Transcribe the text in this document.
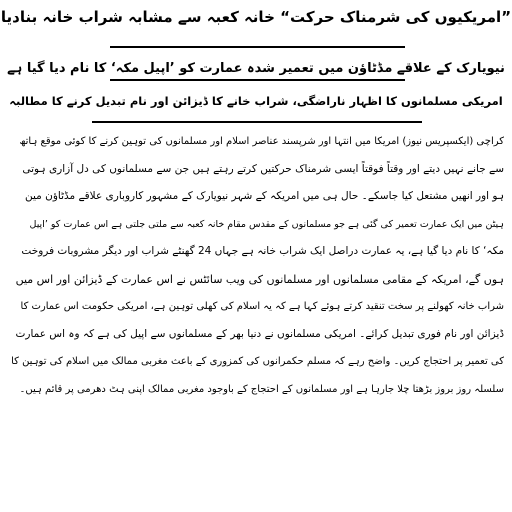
”امریکیوں کی شرمناک حرکت“ خانہ کعبہ سے مشابہ شراب خانہ بنادیا
نیویارک کے علاقے مڈٹاؤن میں تعمیر شدہ عمارت کو ’اپیل مکہ‘ کا نام دیا گیا ہے
امریکی مسلمانوں کا اظہار ناراضگی، شراب خانے کا ڈیزائن اور نام تبدیل کرنے کا مطالبہ
کراچی (ایکسپریس نیوز) امریکا میں انتہا اور شرپسند عناصر اسلام اور مسلمانوں کی توہین کرنے کا کوئی موقع ہاتھ
سے جانے نہیں دیتے اور وقتاً فوقتاً ایسی شرمناک حرکتیں کرتے رہتے ہیں جن سے مسلمانوں کی دل آزاری ہوتی
ہو اور انھیں مشتعل کیا جاسکے۔ حال ہی میں امریکہ کے شہر نیویارک کے مشہور کاروباری علاقے مڈٹاؤن مین
ہیٹن میں ایک عمارت تعمیر کی گئی ہے جو مسلمانوں کے مقدس مقام خانہ کعبہ سے ملتی جلتی ہے اس عمارت کو ’اپیل
مکہ‘ کا نام دیا گیا ہے، یہ عمارت دراصل ایک شراب خانہ ہے جہاں 24 گھنٹے شراب اور دیگر مشروبات فروخت
ہوں گے، امریکہ کے مقامی مسلمانوں اور مسلمانوں کی ویب سائٹس نے اس عمارت کے ڈیزائن اور اس میں
شراب خانہ کھولنے پر سخت تنقید کرتے ہوئے کہا ہے کہ یہ اسلام کی کھلی توہین ہے، امریکی حکومت اس عمارت کا
ڈیزائن اور نام فوری تبدیل کرائے۔ امریکی مسلمانوں نے دنیا بھر کے مسلمانوں سے اپیل کی ہے کہ وہ اس عمارت
کی تعمیر پر احتجاج کریں۔ واضح رہے کہ مسلم حکمرانوں کی کمزوری کے باعث مغربی ممالک میں اسلام کی توہین کا
سلسلہ روز بروز بڑھتا چلا جارہا ہے اور مسلمانوں کے احتجاج کے باوجود مغربی ممالک اپنی ہٹ دھرمی پر قائم ہیں۔
